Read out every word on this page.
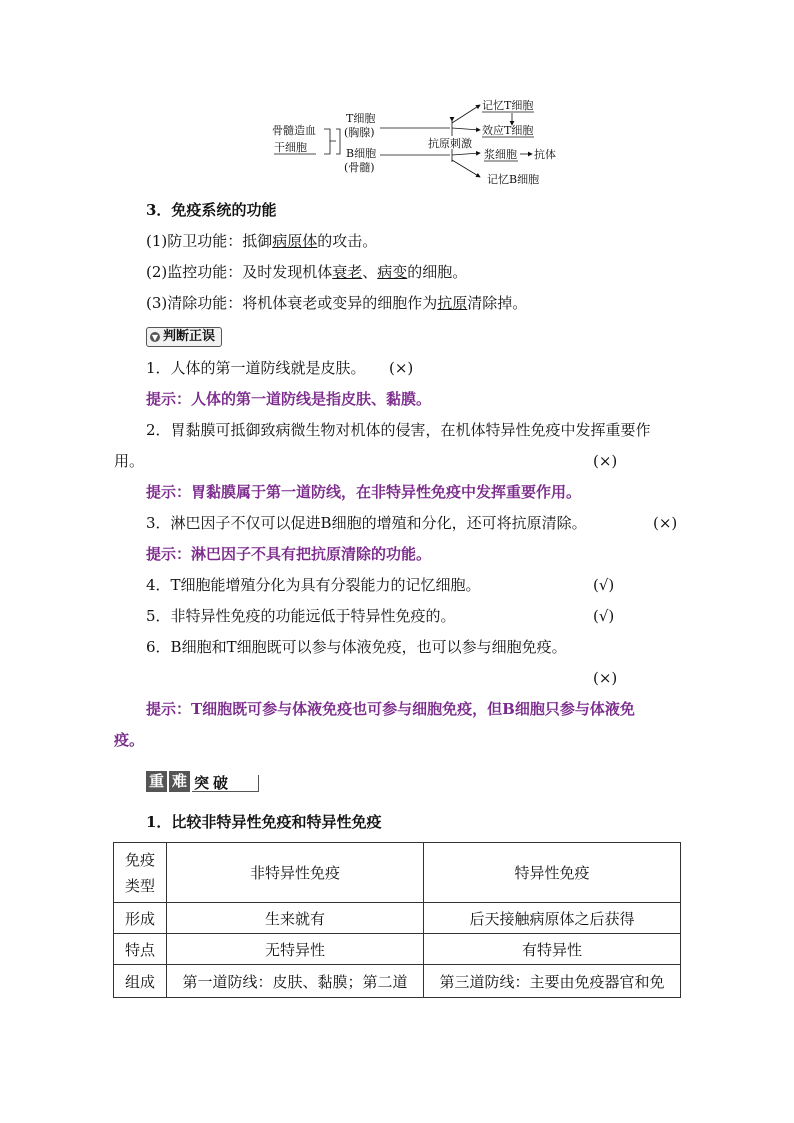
骨髓造血
干细胞
T细胞
(胸腺)
B细胞
(骨髓)
抗原刺激
记忆T细胞
效应T细胞
浆细胞 抗体
记忆B细胞
3．免疫系统的功能
(1)防卫功能：抵御病原体的攻击。
(2)监控功能：及时发现机体衰老、病变的细胞。
(3)清除功能：将机体衰老或变异的细胞作为抗原清除掉。
▼ 判断正误
1．人体的第一道防线就是皮肤。 (×)
提示：人体的第一道防线是指皮肤、黏膜。
2．胃黏膜可抵御致病微生物对机体的侵害，在机体特异性免疫中发挥重要作
用。	(×)
提示：胃黏膜属于第一道防线，在非特异性免疫中发挥重要作用。
3．淋巴因子不仅可以促进B细胞的增殖和分化，还可将抗原清除。	(×)
提示：淋巴因子不具有把抗原清除的功能。
4．T细胞能增殖分化为具有分裂能力的记忆细胞。	(√)
5．非特异性免疫的功能远低于特异性免疫的。	(√)
6．B细胞和T细胞既可以参与体液免疫，也可以参与细胞免疫。
(×)
提示：T细胞既可参与体液免疫也可参与细胞免疫，但B细胞只参与体液免
疫。
重 难 突 破
1．比较非特异性免疫和特异性免疫
免疫
类型	非特异性免疫	特异性免疫
形成	生来就有	后天接触病原体之后获得
特点	无特异性	有特异性
组成	第一道防线：皮肤、黏膜；第二道	第三道防线：主要由免疫器官和免
